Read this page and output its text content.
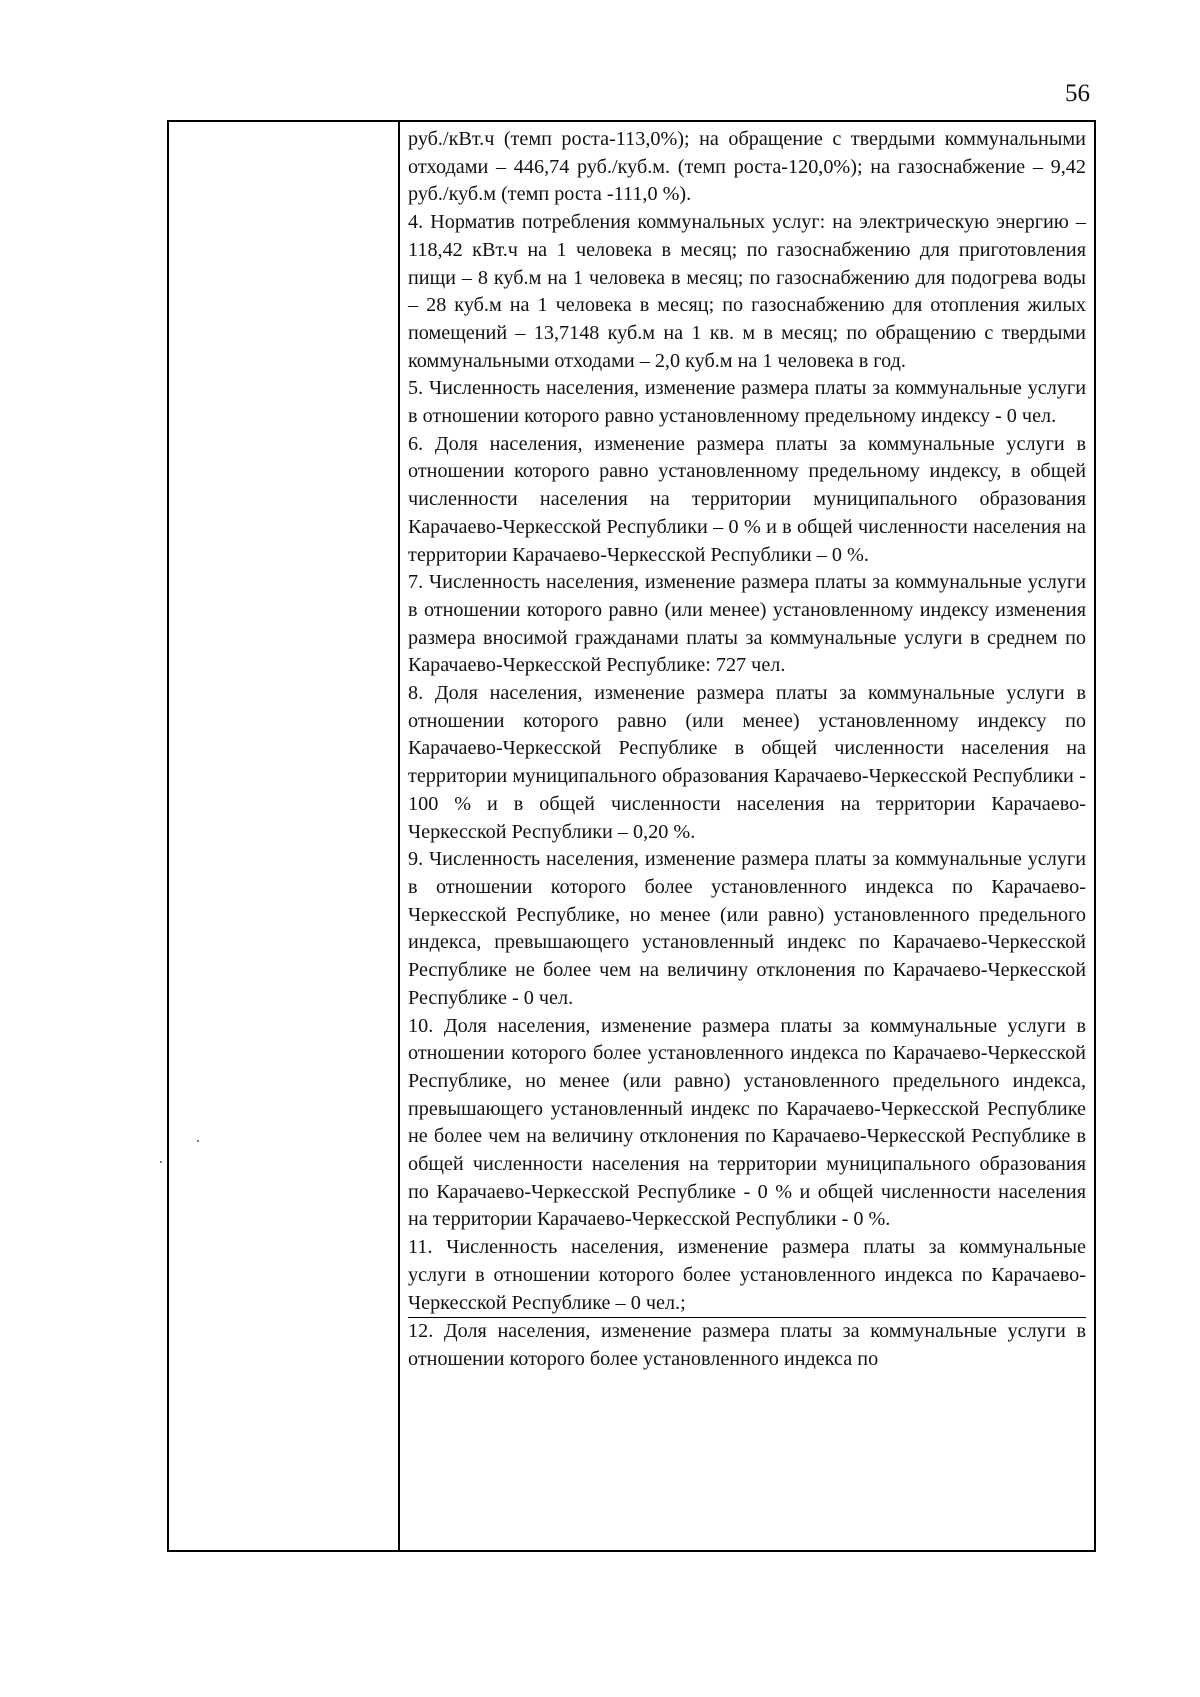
56

руб./кВт.ч (темп роста-113,0%); на обращение с твердыми коммунальными отходами – 446,74 руб./куб.м. (темп роста-120,0%); на газоснабжение – 9,42 руб./куб.м (темп роста -111,0 %).

4. Норматив потребления коммунальных услуг: на электрическую энергию – 118,42 кВт.ч на 1 человека в месяц; по газоснабжению для приготовления пищи – 8 куб.м на 1 человека в месяц; по газоснабжению для подогрева воды – 28 куб.м на 1 человека в месяц; по газоснабжению для отопления жилых помещений – 13,7148 куб.м на 1 кв. м в месяц; по обращению с твердыми коммунальными отходами – 2,0 куб.м на 1 человека в год.

5. Численность населения, изменение размера платы за коммунальные услуги в отношении которого равно установленному предельному индексу - 0 чел.

6. Доля населения, изменение размера платы за коммунальные услуги в отношении которого равно установленному предельному индексу, в общей численности населения на территории муниципального образования Карачаево-Черкесской Республики – 0 % и в общей численности населения на территории Карачаево-Черкесской Республики – 0 %.

7. Численность населения, изменение размера платы за коммунальные услуги в отношении которого равно (или менее) установленному индексу изменения размера вносимой гражданами платы за коммунальные услуги в среднем по Карачаево-Черкесской Республике: 727 чел.

8. Доля населения, изменение размера платы за коммунальные услуги в отношении которого равно (или менее) установленному индексу по Карачаево-Черкесской Республике в общей численности населения на территории муниципального образования Карачаево-Черкесской Республики - 100 % и в общей численности населения на территории Карачаево-Черкесской Республики – 0,20 %.

9. Численность населения, изменение размера платы за коммунальные услуги в отношении которого более установленного индекса по Карачаево-Черкесской Республике, но менее (или равно) установленного предельного индекса, превышающего установленный индекс по Карачаево-Черкесской Республике не более чем на величину отклонения по Карачаево-Черкесской Республике - 0 чел.

10. Доля населения, изменение размера платы за коммунальные услуги в отношении которого более установленного индекса по Карачаево-Черкесской Республике, но менее (или равно) установленного предельного индекса, превышающего установленный индекс по Карачаево-Черкесской Республике не более чем на величину отклонения по Карачаево-Черкесской Республике в общей численности населения на территории муниципального образования по Карачаево-Черкесской Республике - 0 % и общей численности населения на территории Карачаево-Черкесской Республики - 0 %.

11. Численность населения, изменение размера платы за коммунальные услуги в отношении которого более установленного индекса по Карачаево-Черкесской Республике – 0 чел.;

12. Доля населения, изменение размера платы за коммунальные услуги в отношении которого более установленного индекса по
